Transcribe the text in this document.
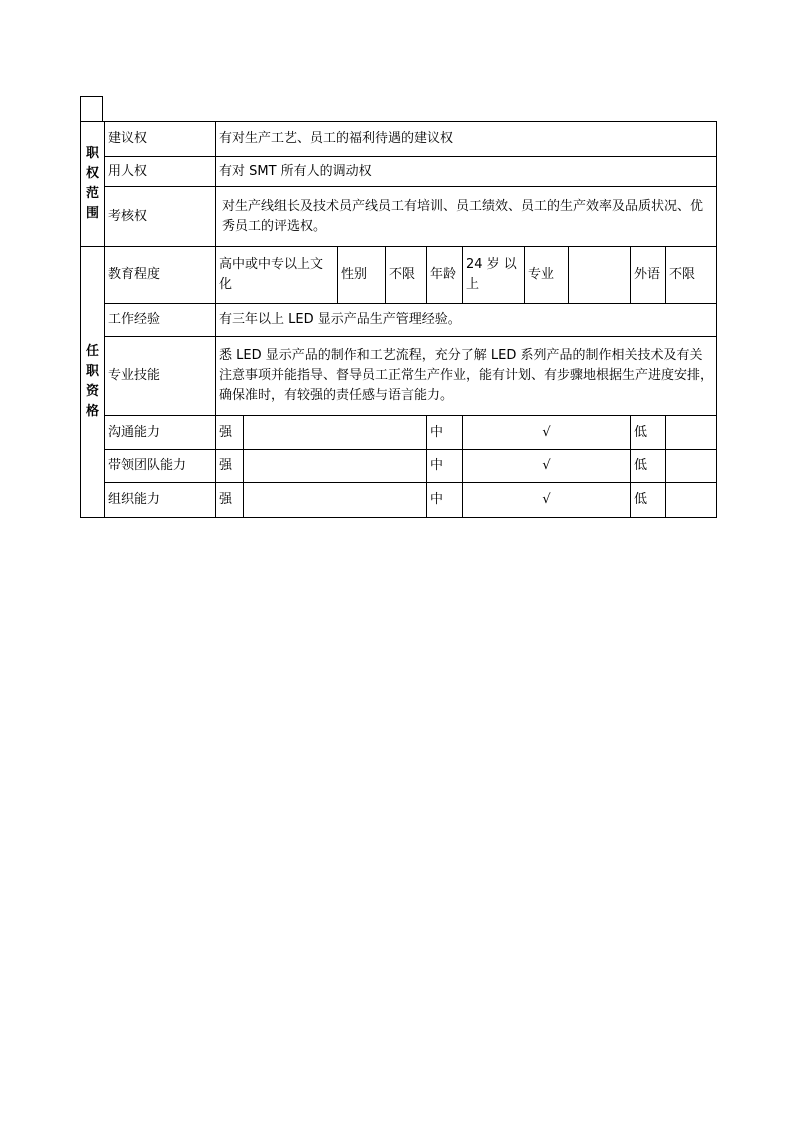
职
权
范
围	建议权	有对生产工艺、员工的福利待遇的建议权									
	用人权	有对 SMT 所有人的调动权									
	考核权	对生产线组长及技术员产线员工有培训、员工绩效、员工的生产效率及品质状况、优秀员工的评选权。									

任
职
资
格	教育程度	高中或中专以上文化		性别	不限	年龄	24 岁 以上	专业		外语	不限
	工作经验	有三年以上 LED 显示产品生产管理经验。									
	专业技能	悉 LED 显示产品的制作和工艺流程，充分了解 LED 系列产品的制作相关技术及有关注意事项并能指导、督导员工正常生产作业，能有计划、有步骤地根据生产进度安排，确保准时，有较强的责任感与语言能力。									
	沟通能力	强				中	√			低	
	带领团队能力	强				中	√			低	
	组织能力	强				中	√			低	
